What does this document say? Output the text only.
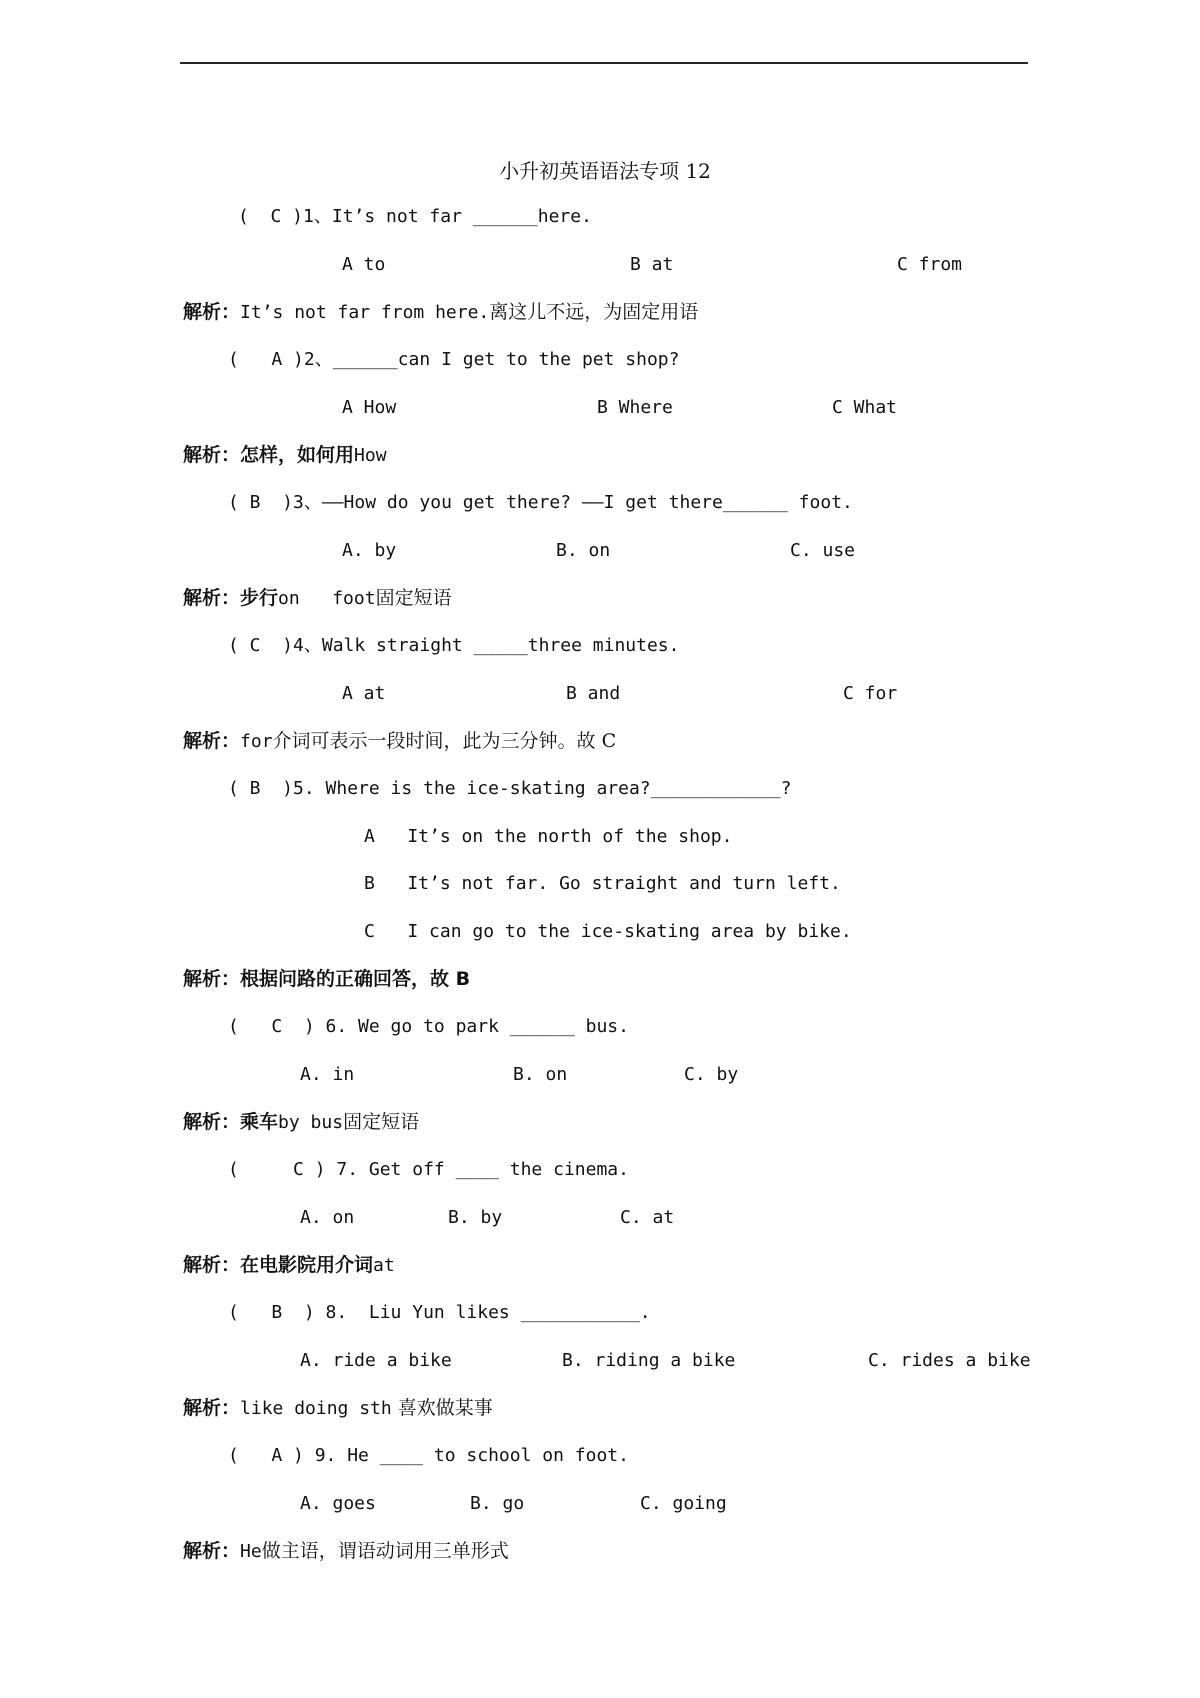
小升初英语语法专项 12
(  C )1、It’s not far ______here.
A to	B at	C from
解析：It’s not far from here.离这儿不远，为固定用语
(   A )2、______can I get to the pet shop?
A How	B Where	C What
解析：怎样，如何用How
( B  )3、——How do you get there? ——I get there______ foot.
A. by	B. on	C. use
解析：步行on   foot固定短语
( C  )4、Walk straight _____three minutes.
A at	B and	C for
解析：for介词可表示一段时间，此为三分钟。故 C
( B  )5. Where is the ice-skating area?____________?
A   It’s on the north of the shop.
B   It’s not far. Go straight and turn left.
C   I can go to the ice-skating area by bike.
解析：根据问路的正确回答，故 B
(   C  ) 6. We go to park ______ bus.
A. in	B. on	C. by
解析：乘车by bus固定短语
(     C ) 7. Get off ____ the cinema.
A. on	B. by	C. at
解析：在电影院用介词at
(   B  ) 8.  Liu Yun likes ___________.
A. ride a bike	B. riding a bike	C. rides a bike
解析：like doing sth 喜欢做某事
(   A ) 9. He ____ to school on foot.
A. goes	B. go	C. going
解析：He做主语，谓语动词用三单形式
